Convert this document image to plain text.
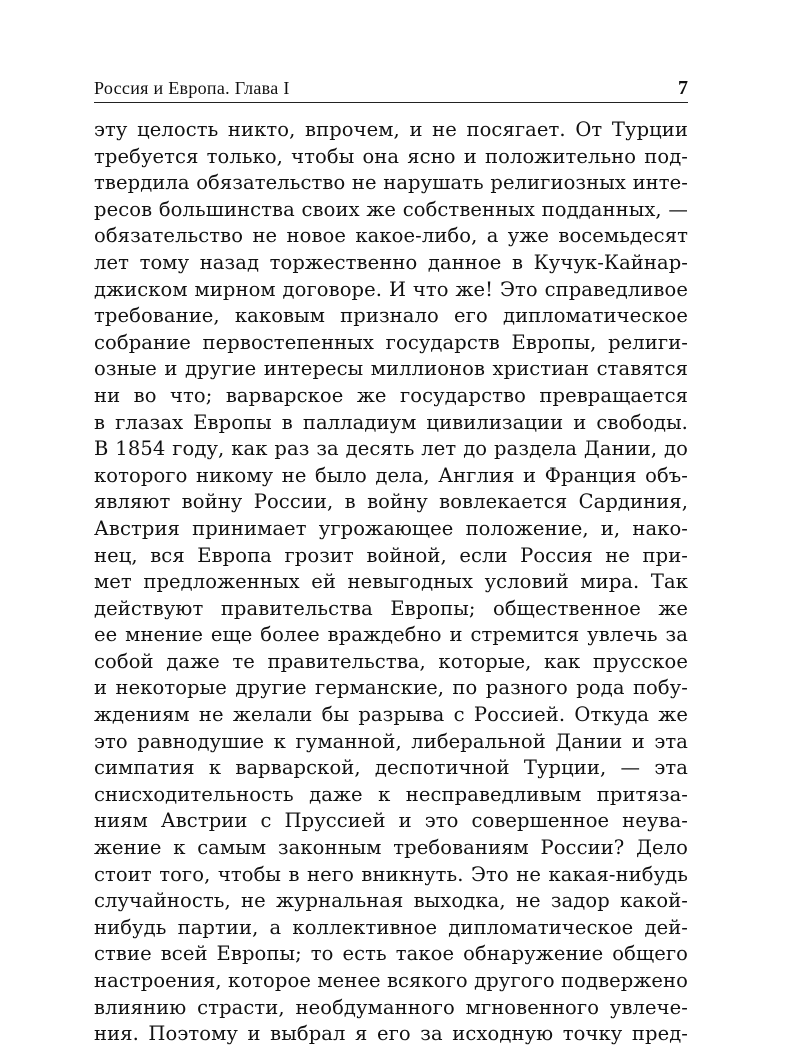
Россия и Европа. Глава I	7
эту целость никто, впрочем, и не посягает. От Турции
требуется только, чтобы она ясно и положительно под-
твердила обязательство не нарушать религиозных инте-
ресов большинства своих же собственных подданных, —
обязательство не новое какое-либо, а уже восемьдесят
лет тому назад торжественно данное в Кучук-Кайнар-
джиском мирном договоре. И что же! Это справедливое
требование, каковым признало его дипломатическое
собрание первостепенных государств Европы, религи-
озные и другие интересы миллионов христиан ставятся
ни во что; варварское же государство превращается
в глазах Европы в палладиум цивилизации и свободы.
В 1854 году, как раз за десять лет до раздела Дании, до
которого никому не было дела, Англия и Франция объ-
являют войну России, в войну вовлекается Сардиния,
Австрия принимает угрожающее положение, и, нако-
нец, вся Европа грозит войной, если Россия не при-
мет предложенных ей невыгодных условий мира. Так
действуют правительства Европы; общественное же
ее мнение еще более враждебно и стремится увлечь за
собой даже те правительства, которые, как прусское
и некоторые другие германские, по разного рода побу-
ждениям не желали бы разрыва с Россией. Откуда же
это равнодушие к гуманной, либеральной Дании и эта
симпатия к варварской, деспотичной Турции, — эта
снисходительность даже к несправедливым притяза-
ниям Австрии с Пруссией и это совершенное неува-
жение к самым законным требованиям России? Дело
стоит того, чтобы в него вникнуть. Это не какая-нибудь
случайность, не журнальная выходка, не задор какой-
нибудь партии, а коллективное дипломатическое дей-
ствие всей Европы; то есть такое обнаружение общего
настроения, которое менее всякого другого подвержено
влиянию страсти, необдуманного мгновенного увлече-
ния. Поэтому и выбрал я его за исходную точку пред-
